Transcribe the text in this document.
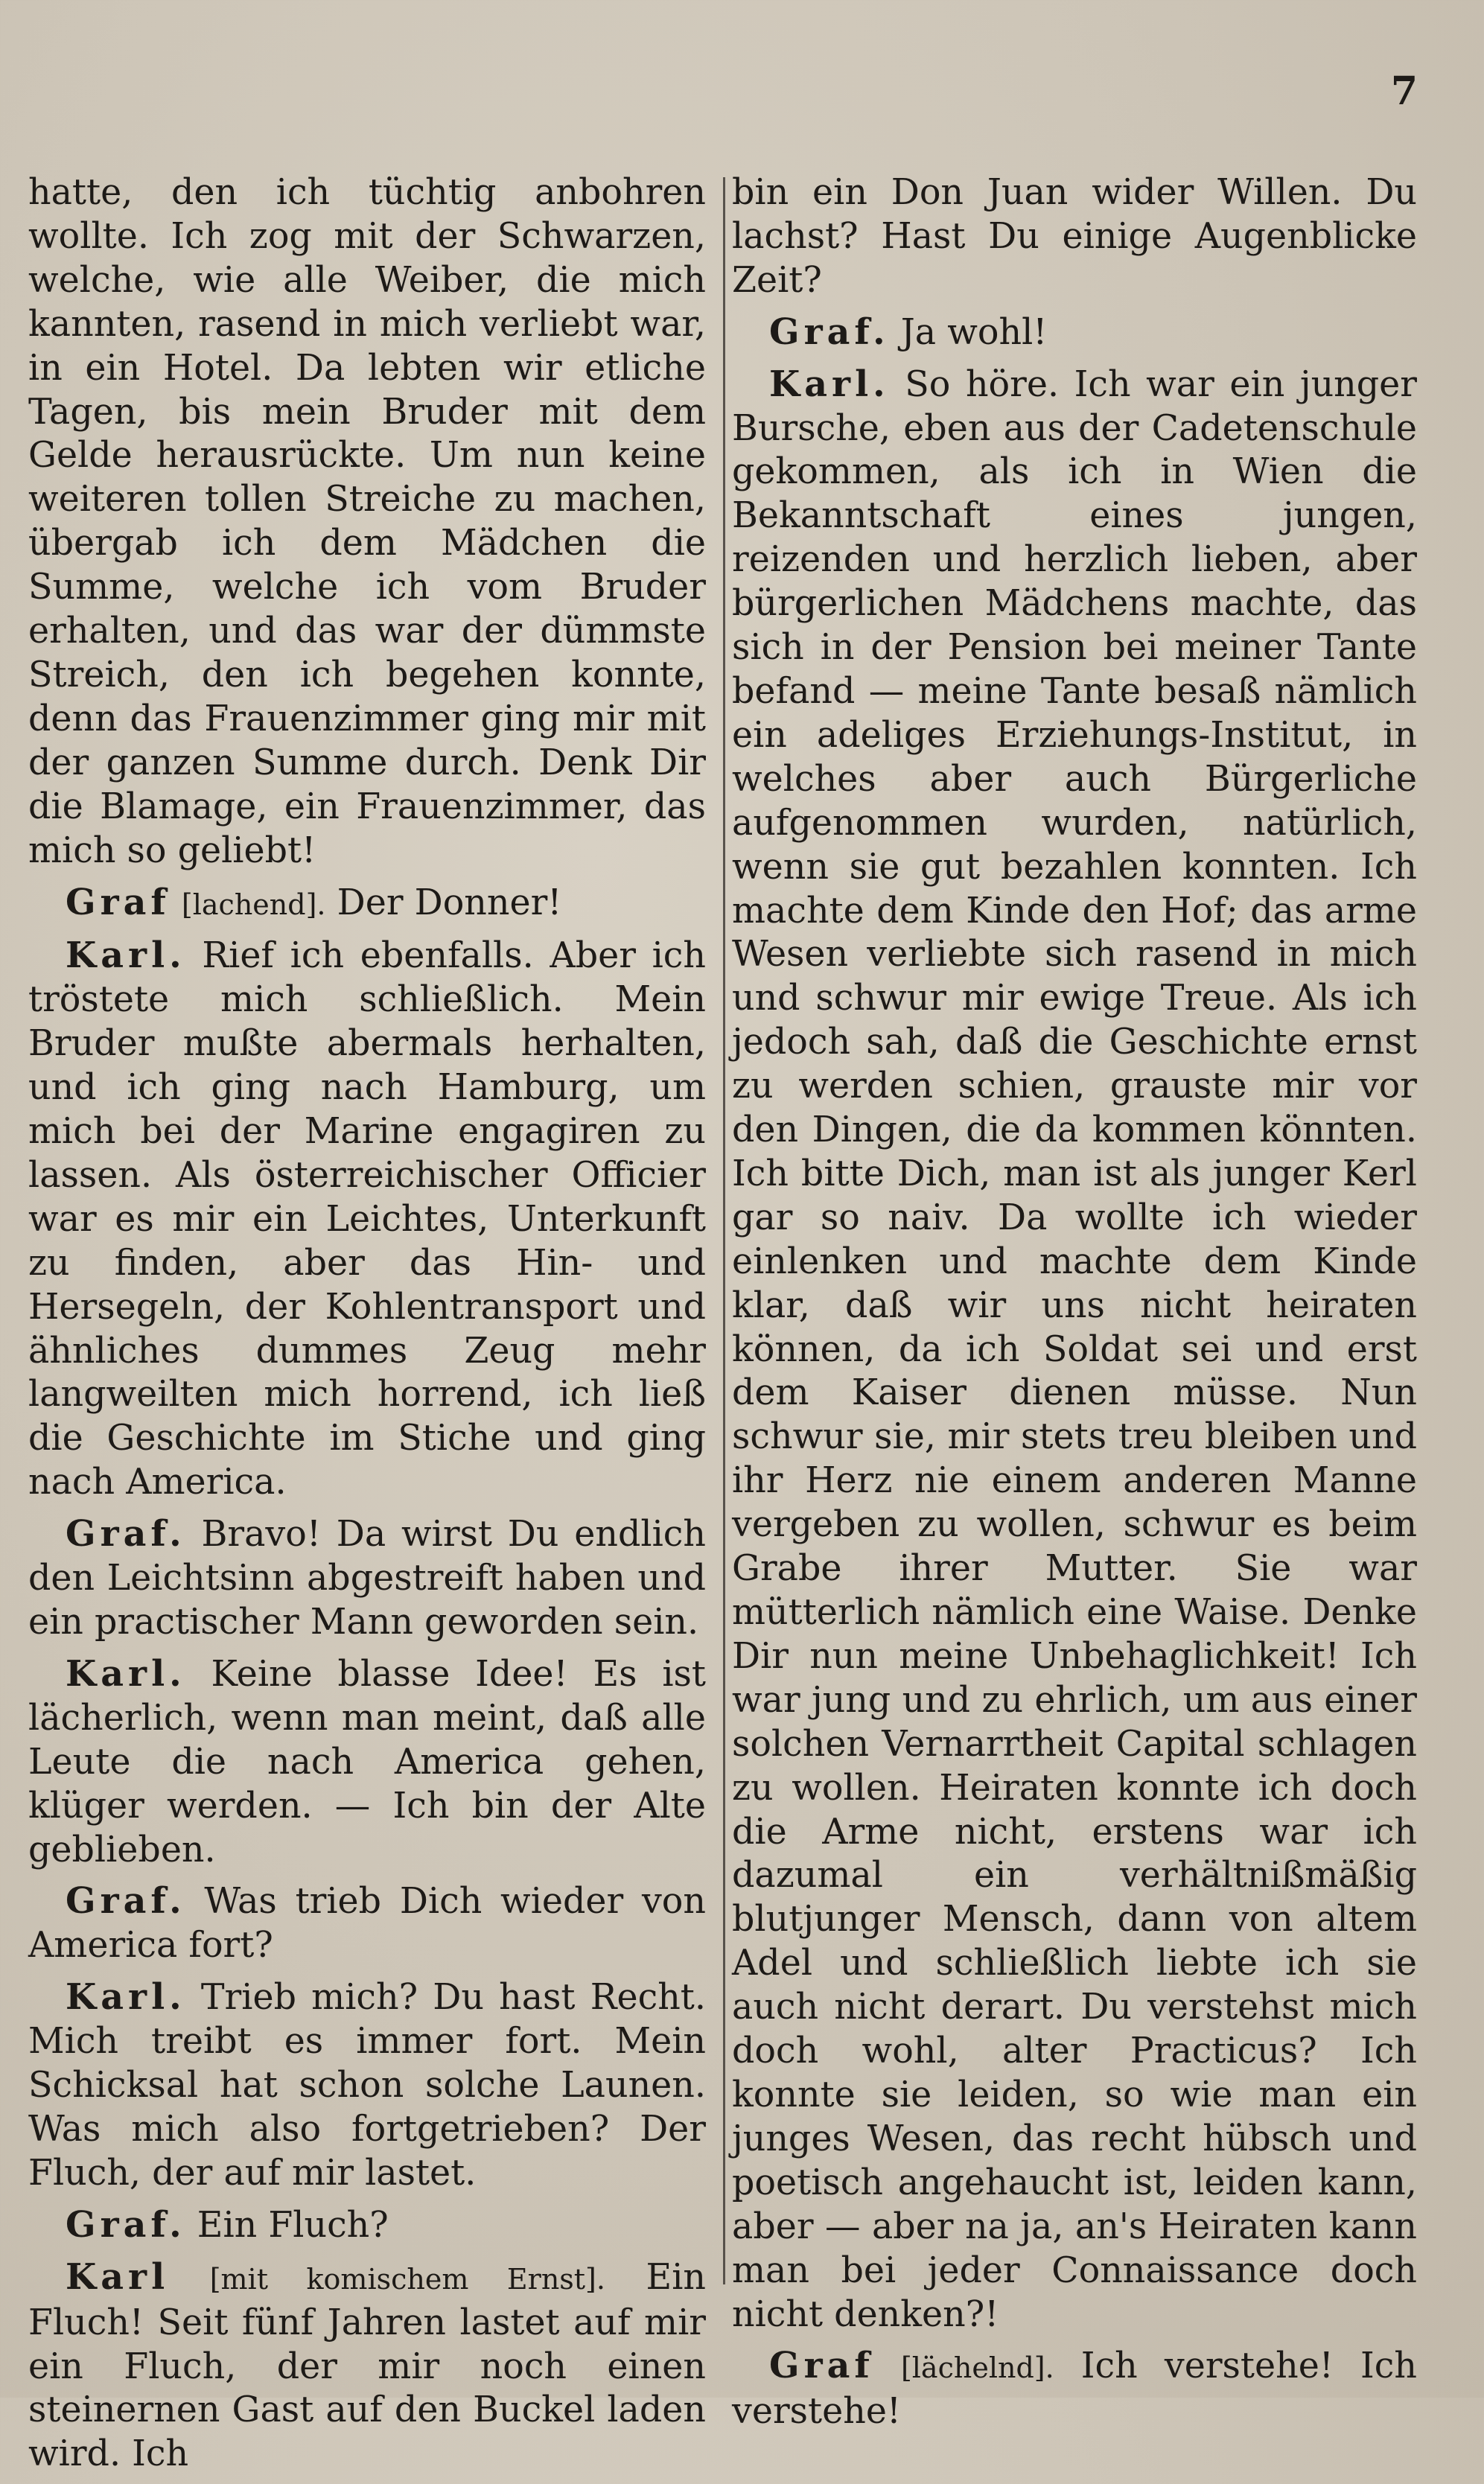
7

hatte, den ich tüchtig anbohren wollte. Ich zog mit der Schwarzen, welche, wie alle Weiber, die mich kannten, rasend in mich verliebt war, in ein Hotel. Da lebten wir etliche Tagen, bis mein Bruder mit dem Gelde herausrückte. Um nun keine weiteren tollen Streiche zu machen, übergab ich dem Mädchen die Summe, welche ich vom Bruder erhalten, und das war der dümmste Streich, den ich begehen konnte, denn das Frauenzimmer ging mir mit der ganzen Summe durch. Denk Dir die Blamage, ein Frauenzimmer, das mich so geliebt!

Graf [lachend]. Der Donner!

Karl. Rief ich ebenfalls. Aber ich tröstete mich schließlich. Mein Bruder mußte abermals herhalten, und ich ging nach Hamburg, um mich bei der Marine engagiren zu lassen. Als österreichischer Officier war es mir ein Leichtes, Unterkunft zu finden, aber das Hin- und Hersegeln, der Kohlentransport und ähnliches dummes Zeug mehr langweilten mich horrend, ich ließ die Geschichte im Stiche und ging nach America.

Graf. Bravo! Da wirst Du endlich den Leichtsinn abgestreift haben und ein practischer Mann geworden sein.

Karl. Keine blasse Idee! Es ist lächerlich, wenn man meint, daß alle Leute die nach America gehen, klüger werden. — Ich bin der Alte geblieben.

Graf. Was trieb Dich wieder von America fort?

Karl. Trieb mich? Du hast Recht. Mich treibt es immer fort. Mein Schicksal hat schon solche Launen. Was mich also fortgetrieben? Der Fluch, der auf mir lastet.

Graf. Ein Fluch?

Karl [mit komischem Ernst]. Ein Fluch! Seit fünf Jahren lastet auf mir ein Fluch, der mir noch einen steinernen Gast auf den Buckel laden wird. Ich

bin ein Don Juan wider Willen. Du lachst? Hast Du einige Augenblicke Zeit?

Graf. Ja wohl!

Karl. So höre. Ich war ein junger Bursche, eben aus der Cadetenschule gekommen, als ich in Wien die Bekanntschaft eines jungen, reizenden und herzlich lieben, aber bürgerlichen Mädchens machte, das sich in der Pension bei meiner Tante befand — meine Tante besaß nämlich ein adeliges Erziehungs-Institut, in welches aber auch Bürgerliche aufgenommen wurden, natürlich, wenn sie gut bezahlen konnten. Ich machte dem Kinde den Hof; das arme Wesen verliebte sich rasend in mich und schwur mir ewige Treue. Als ich jedoch sah, daß die Geschichte ernst zu werden schien, grauste mir vor den Dingen, die da kommen könnten. Ich bitte Dich, man ist als junger Kerl gar so naiv. Da wollte ich wieder einlenken und machte dem Kinde klar, daß wir uns nicht heiraten können, da ich Soldat sei und erst dem Kaiser dienen müsse. Nun schwur sie, mir stets treu bleiben und ihr Herz nie einem anderen Manne vergeben zu wollen, schwur es beim Grabe ihrer Mutter. Sie war mütterlich nämlich eine Waise. Denke Dir nun meine Unbehaglichkeit! Ich war jung und zu ehrlich, um aus einer solchen Vernarrtheit Capital schlagen zu wollen. Heiraten konnte ich doch die Arme nicht, erstens war ich dazumal ein verhältnißmäßig blutjunger Mensch, dann von altem Adel und schließlich liebte ich sie auch nicht derart. Du verstehst mich doch wohl, alter Practicus? Ich konnte sie leiden, so wie man ein junges Wesen, das recht hübsch und poetisch angehaucht ist, leiden kann, aber — aber na ja, an's Heiraten kann man bei jeder Connaissance doch nicht denken?!

Graf [lächelnd]. Ich verstehe! Ich verstehe!
